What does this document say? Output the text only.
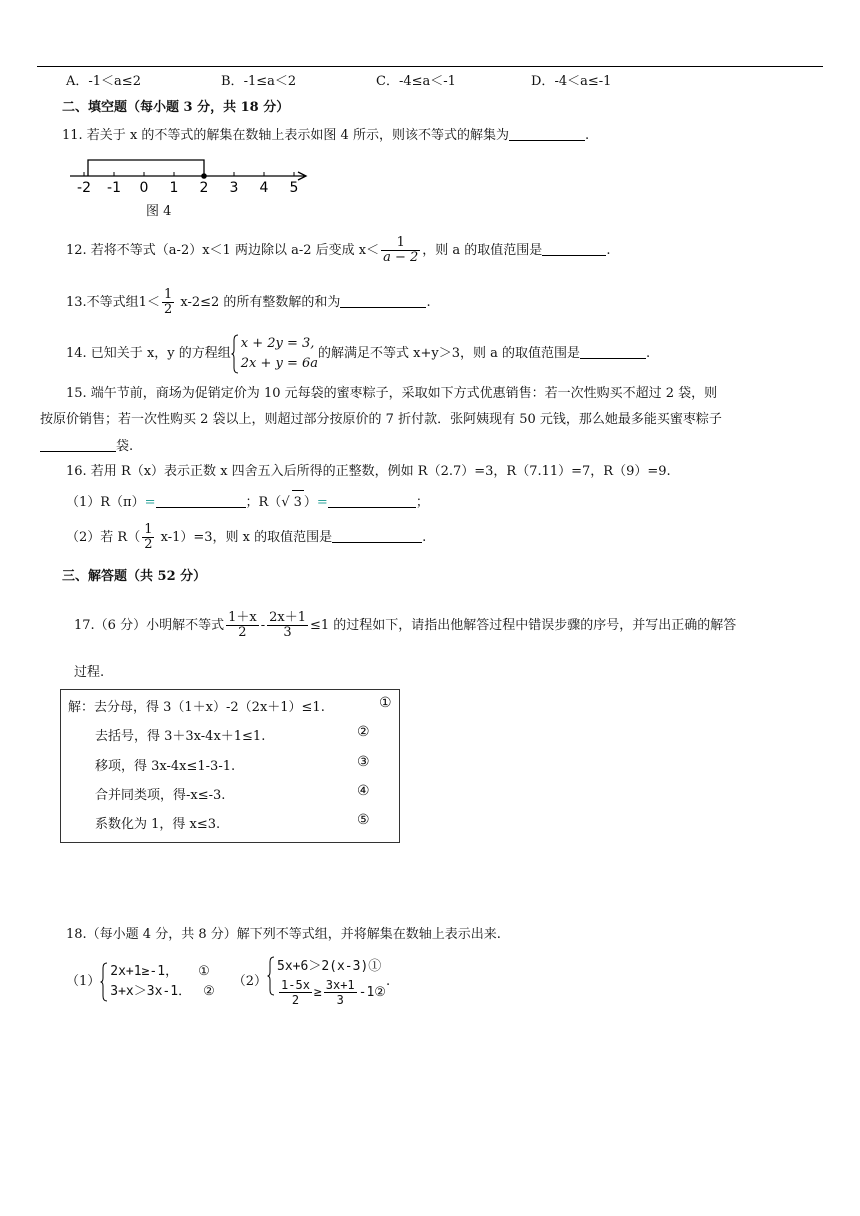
A．-1＜a≤2	B．-1≤a＜2	C．-4≤a＜-1	D．-4＜a≤-1
二、填空题（每小题 3 分，共 18 分）
11. 若关于 x 的不等式的解集在数轴上表示如图 4 所示，则该不等式的解集为	.
-2 -1 0 1 2 3 4 5
图 4
12. 若将不等式（a-2）x＜1 两边除以 a-2 后变成 $x< \frac{1}{a - 2}$ ，则 a 的取值范围是	.
13.不等式组$1< \frac{1}{2} x-2\le 2$ 的所有整数解的和为	.
14. 已知关于 x，y 的方程组
x + 2y = 3,
2x + y = 6a
的解满足不等式 x+y＞3，则 a 的取值范围是	.
15. 端午节前，商场为促销定价为 10 元每袋的蜜枣粽子，采取如下方式优惠销售：若一次性购买不超过 2 袋，则
按原价销售；若一次性购买 2 袋以上，则超过部分按原价的 7 折付款．张阿姨现有 50 元钱，那么她最多能买蜜枣粽子
袋.
16. 若用 R（x）表示正数 x 四舍五入后所得的正整数，例如 R（2.7）=3，R（7.11）=7，R（9）=9.
（1）R（π）=	；R（√ 3 ）=	；
（2）若 $R( \frac{1}{2} x-1)=3$，则 x 的取值范围是	.
三、解答题（共 52 分）
17.（6 分）小明解不等式 $\frac{1+x}{2} - \frac{2x+1}{3} \le 1$ 的过程如下，请指出他解答过程中错误步骤的序号，并写出正确的解答
过程.
解：去分母，得 3（1＋x）-2（2x＋1）≤1.	①
去括号，得 3＋3x-4x＋1≤1.	②
移项，得 3x-4x≤1-3-1.	③
合并同类项，得-x≤-3.	④
系数化为 1，得 x≤3.	⑤
18.（每小题 4 分，共 8 分）解下列不等式组，并将解集在数轴上表示出来.
（1）
2x+1≥-1， ①
3+x＞3x-1． ②
（2）
5x+6＞2(x-3)①
$\frac{1-5x}{2} \ge \frac{3x+1}{3}$ -1②
.
